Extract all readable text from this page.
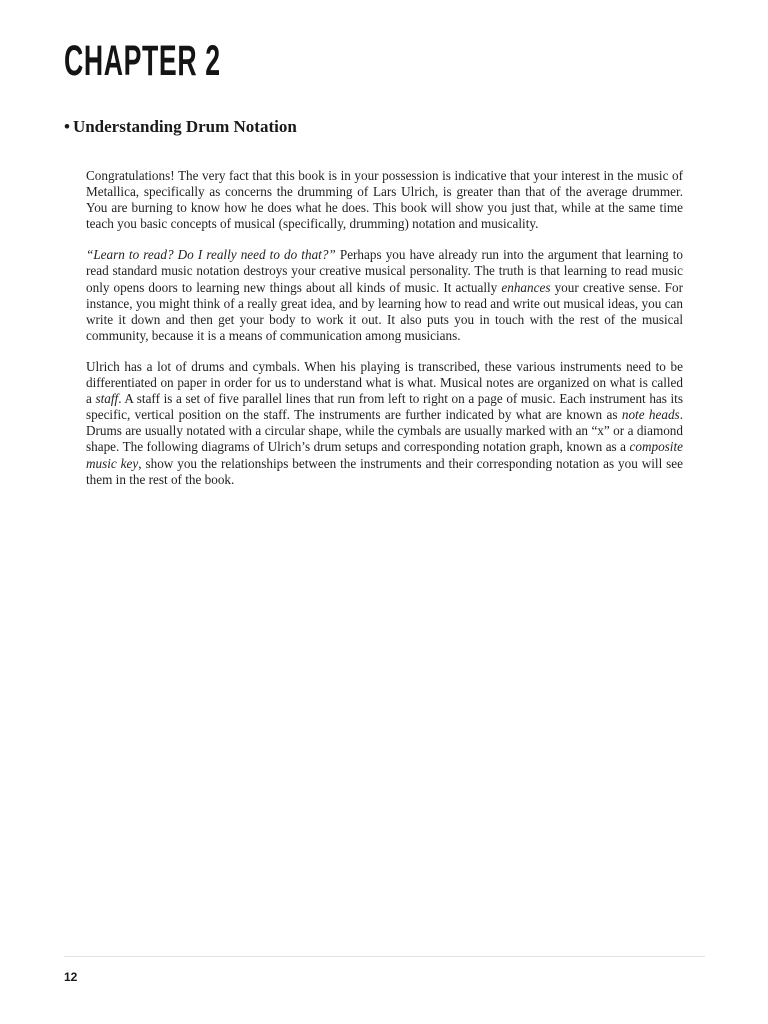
CHAPTER 2
• Understanding Drum Notation

Congratulations! The very fact that this book is in your possession is indicative that your interest in the music of Metallica, specifically as concerns the drumming of Lars Ulrich, is greater than that of the average drummer. You are burning to know how he does what he does. This book will show you just that, while at the same time teach you basic concepts of musical (specifically, drumming) notation and musicality.

“Learn to read? Do I really need to do that?” Perhaps you have already run into the argument that learning to read standard music notation destroys your creative musical personality. The truth is that learning to read music only opens doors to learning new things about all kinds of music. It actually enhances your creative sense. For instance, you might think of a really great idea, and by learning how to read and write out musical ideas, you can write it down and then get your body to work it out. It also puts you in touch with the rest of the musical community, because it is a means of communication among musicians.

Ulrich has a lot of drums and cymbals. When his playing is transcribed, these various instruments need to be differentiated on paper in order for us to understand what is what. Musical notes are organized on what is called a staff. A staff is a set of five parallel lines that run from left to right on a page of music. Each instrument has its specific, vertical position on the staff. The instruments are further indicated by what are known as note heads. Drums are usually notated with a circular shape, while the cymbals are usually marked with an “x” or a diamond shape. The following diagrams of Ulrich’s drum setups and corresponding notation graph, known as a composite music key, show you the relationships between the instruments and their corresponding notation as you will see them in the rest of the book.

12
